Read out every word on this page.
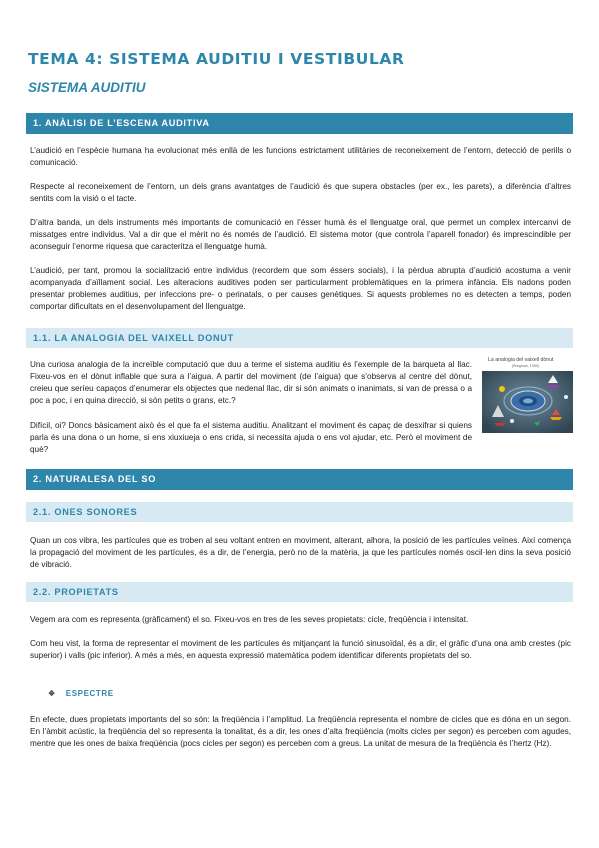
TEMA 4: SISTEMA AUDITIU I VESTIBULAR
SISTEMA AUDITIU
1. ANÀLISI DE L’ESCENA AUDITIVA

L’audició en l’espècie humana ha evolucionat més enllà de les funcions estrictament utilitàries de reconeixement de l’entorn, detecció de perills o comunicació.

Respecte al reconeixement de l’entorn, un dels grans avantatges de l’audició és que supera obstacles (per ex., les parets), a diferència d’altres sentits com la visió o el tacte.

D’altra banda, un dels instruments més importants de comunicació en l’ésser humà és el llenguatge oral, que permet un complex intercanvi de missatges entre individus. Val a dir que el mèrit no és només de l’audició. El sistema motor (que controla l’aparell fonador) és imprescindible per aconseguir l’enorme riquesa que caracteritza el llenguatge humà.

L’audició, per tant, promou la socialització entre individus (recordem que som éssers socials), i la pèrdua abrupta d’audició acostuma a venir acompanyada d’aïllament social. Les alteracions auditives poden ser particularment problemàtiques en la primera infància. Els nadons poden presentar problemes auditius, per infeccions pre- o perinatals, o per causes genètiques. Si aquests problemes no es detecten a temps, poden comportar dificultats en el desenvolupament del llenguatge.

1.1. LA ANALOGIA DEL VAIXELL DONUT

Una curiosa analogia de la increïble computació que duu a terme el sistema auditiu és l’exemple de la barqueta al llac. Fixeu-vos en el dònut inflable que sura a l’aigua. A partir del moviment (de l’aigua) que s’observa al centre del dònut, creieu que seríeu capaços d’enumerar els objectes que nedenal llac, dir si són animats o inanimats, si van de pressa o a poc a poc, i en quina direcció, si són petits o grans, etc.?

Difícil, oi? Doncs bàsicament això és el que fa el sistema auditiu. Analitzant el moviment és capaç de desxifrar si quiens parla és una dona o un home, si ens xiuxiueja o ens crida, si necessita ajuda o ens vol ajudar, etc. Però el moviment de què?

La analogia del vaixell dònut
(Bregman, 1990)
2. NATURALESA DEL SO
2.1. ONES SONORES

Quan un cos vibra, les partícules que es troben al seu voltant entren en moviment, alterant, alhora, la posició de les partícules veïnes. Així comença la propagació del moviment de les partícules, és a dir, de l’energia, però no de la matèria, ja que les partícules només oscil·len dins la seva posició de vibració.

2.2. PROPIETATS

Vegem ara com es representa (gràficament) el so. Fixeu-vos en tres de les seves propietats: cicle, freqüència i intensitat.

Com heu vist, la forma de representar el moviment de les partícules és mitjançant la funció sinusoïdal, és a dir, el gràfic d’una ona amb crestes (pic superior) i valls (pic inferior). A més a més, en aquesta expressió matemàtica podem identificar diferents propietats del so.

❖ ESPECTRE

En efecte, dues propietats importants del so són: la freqüència i l’amplitud. La freqüència representa el nombre de cicles que es dóna en un segon. En l’àmbit acústic, la freqüència del so representa la tonalitat, és a dir, les ones d’alta freqüència (molts cicles per segon) es perceben com agudes, mentre que les ones de baixa freqüència (pocs cicles per segon) es perceben com a greus. La unitat de mesura de la freqüència és l’hertz (Hz).
